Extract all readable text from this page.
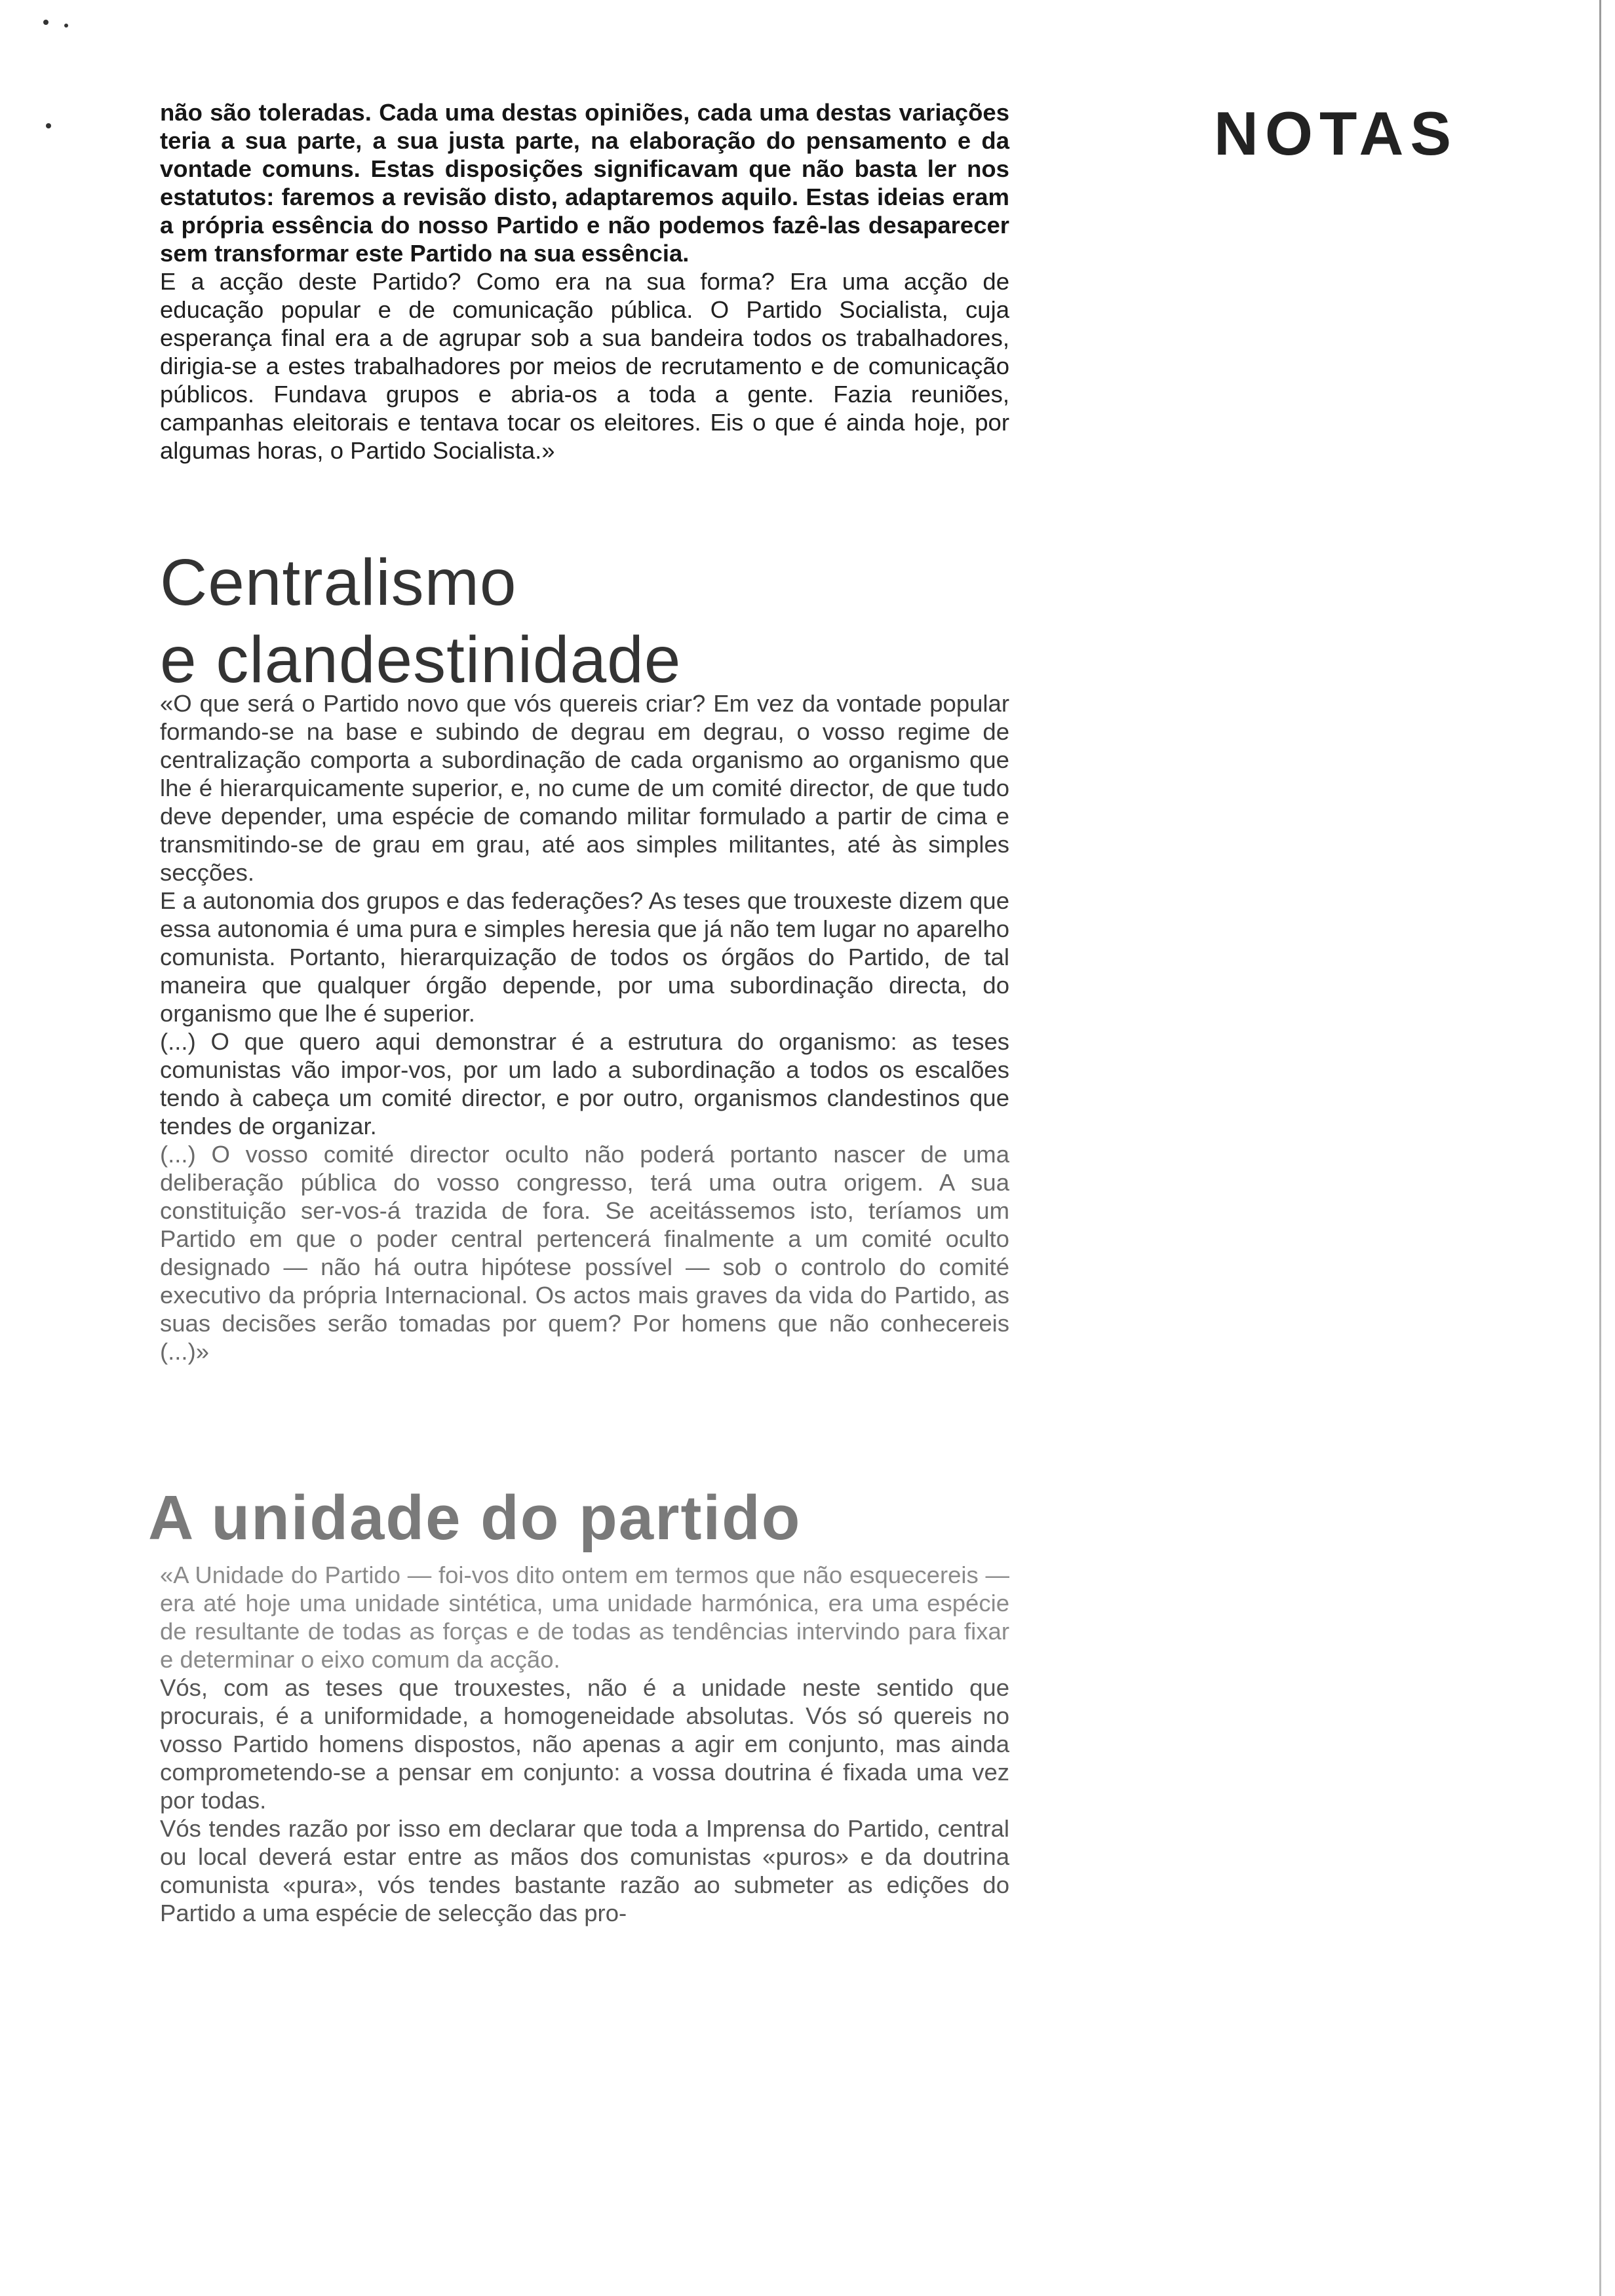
NOTAS

não são toleradas. Cada uma destas opiniões, cada uma destas variações teria a sua parte, a sua justa parte, na elaboração do pensamento e da vontade comuns. Estas disposições significavam que não basta ler nos estatutos: faremos a revisão disto, adaptaremos aquilo. Estas ideias eram a própria essência do nosso Partido e não podemos fazê-las desaparecer sem transformar este Partido na sua essência.

E a acção deste Partido? Como era na sua forma? Era uma acção de educação popular e de comunicação pública. O Partido Socialista, cuja esperança final era a de agrupar sob a sua bandeira todos os trabalhadores, dirigia-se a estes trabalhadores por meios de recrutamento e de comunicação públicos. Fundava grupos e abria-os a toda a gente. Fazia reuniões, campanhas eleitorais e tentava tocar os eleitores. Eis o que é ainda hoje, por algumas horas, o Partido Socialista.»

Centralismo
e clandestinidade

«O que será o Partido novo que vós quereis criar? Em vez da vontade popular formando-se na base e subindo de degrau em degrau, o vosso regime de centralização comporta a subordinação de cada organismo ao organismo que lhe é hierarquicamente superior, e, no cume de um comité director, de que tudo deve depender, uma espécie de comando militar formulado a partir de cima e transmitindo-se de grau em grau, até aos simples militantes, até às simples secções.

E a autonomia dos grupos e das federações? As teses que trouxeste dizem que essa autonomia é uma pura e simples heresia que já não tem lugar no aparelho comunista. Portanto, hierarquização de todos os órgãos do Partido, de tal maneira que qualquer órgão depende, por uma subordinação directa, do organismo que lhe é superior.

(...) O que quero aqui demonstrar é a estrutura do organismo: as teses comunistas vão impor-vos, por um lado a subordinação a todos os escalões tendo à cabeça um comité director, e por outro, organismos clandestinos que tendes de organizar.

(...) O vosso comité director oculto não poderá portanto nascer de uma deliberação pública do vosso congresso, terá uma outra origem. A sua constituição ser-vos-á trazida de fora. Se aceitássemos isto, teríamos um Partido em que o poder central pertencerá finalmente a um comité oculto designado — não há outra hipótese possível — sob o controlo do comité executivo da própria Internacional. Os actos mais graves da vida do Partido, as suas decisões serão tomadas por quem? Por homens que não conhecereis (...)»

A unidade do partido

«A Unidade do Partido — foi-vos dito ontem em termos que não esquecereis — era até hoje uma unidade sintética, uma unidade harmónica, era uma espécie de resultante de todas as forças e de todas as tendências intervindo para fixar e determinar o eixo comum da acção.

Vós, com as teses que trouxestes, não é a unidade neste sentido que procurais, é a uniformidade, a homogeneidade absolutas. Vós só quereis no vosso Partido homens dispostos, não apenas a agir em conjunto, mas ainda comprometendo-se a pensar em conjunto: a vossa doutrina é fixada uma vez por todas.

Vós tendes razão por isso em declarar que toda a Imprensa do Partido, central ou local deverá estar entre as mãos dos comunistas «puros» e da doutrina comunista «pura», vós tendes bastante razão ao submeter as edições do Partido a uma espécie de selecção das pro-
